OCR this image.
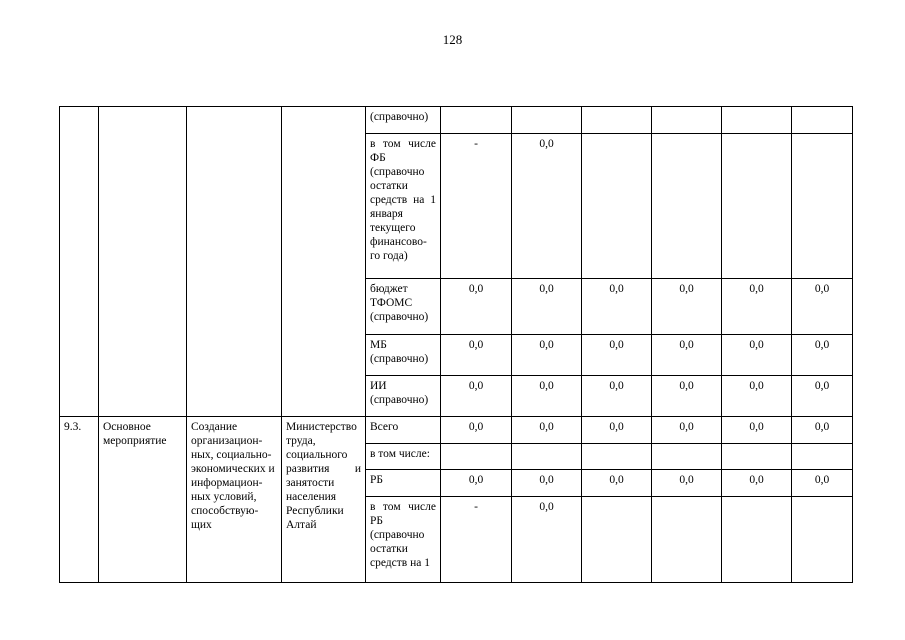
128
				(справочно)						
				в том числе ФБ (справочно остатки средств на 1 января текущего финансово-го года)	-	0,0				
				бюджет ТФОМС (справочно)	0,0	0,0	0,0	0,0	0,0	0,0
				МБ (справочно)	0,0	0,0	0,0	0,0	0,0	0,0
				ИИ (справочно)	0,0	0,0	0,0	0,0	0,0	0,0
9.3.	Основное мероприятие	Создание организацион-ных, социально-экономических и информацион-ных условий, способствую-щих	Министерство труда, социального развития и занятости населения Республики Алтай	Всего	0,0	0,0	0,0	0,0	0,0	0,0
				в том числе:						
				РБ	0,0	0,0	0,0	0,0	0,0	0,0
				в том числе РБ (справочно остатки средств на 1	-	0,0				
